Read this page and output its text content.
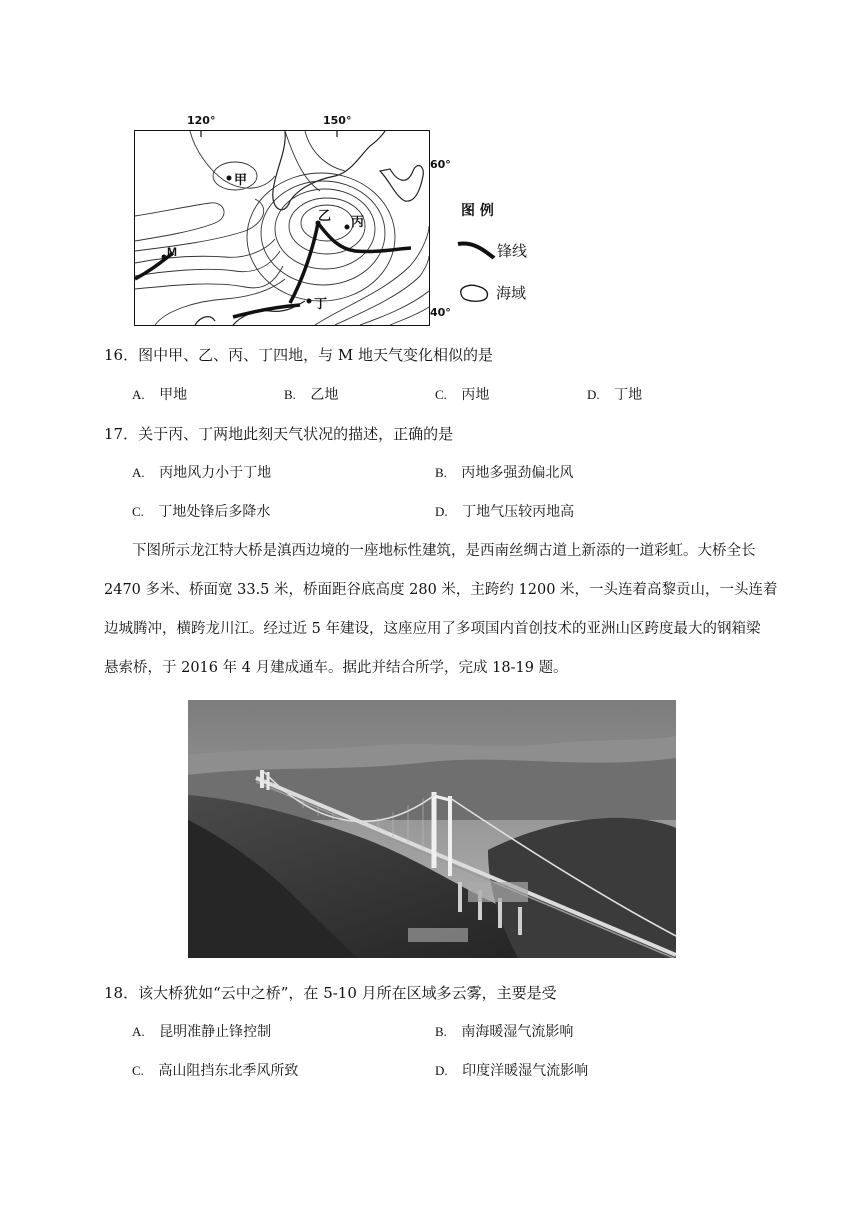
120°	150°
60°
40°
甲
乙 丙
丁
M
图 例
锋线
海域
16．图中甲、乙、丙、丁四地，与 M 地天气变化相似的是
A. 甲地	B. 乙地	C. 丙地	D. 丁地
17．关于丙、丁两地此刻天气状况的描述，正确的是
A. 丙地风力小于丁地	B. 丙地多强劲偏北风
C. 丁地处锋后多降水	D. 丁地气压较丙地高
下图所示龙江特大桥是滇西边境的一座地标性建筑，是西南丝绸古道上新添的一道彩虹。大桥全长
2470 多米、桥面宽 33.5 米，桥面距谷底高度 280 米，主跨约 1200 米，一头连着高黎贡山，一头连着
边城腾冲，横跨龙川江。经过近 5 年建设，这座应用了多项国内首创技术的亚洲山区跨度最大的钢箱梁
悬索桥，于 2016 年 4 月建成通车。据此并结合所学，完成 18-19 题。
18．该大桥犹如“云中之桥”，在 5-10 月所在区域多云雾，主要是受
A. 昆明准静止锋控制	B. 南海暖湿气流影响
C. 高山阻挡东北季风所致	D. 印度洋暖湿气流影响
